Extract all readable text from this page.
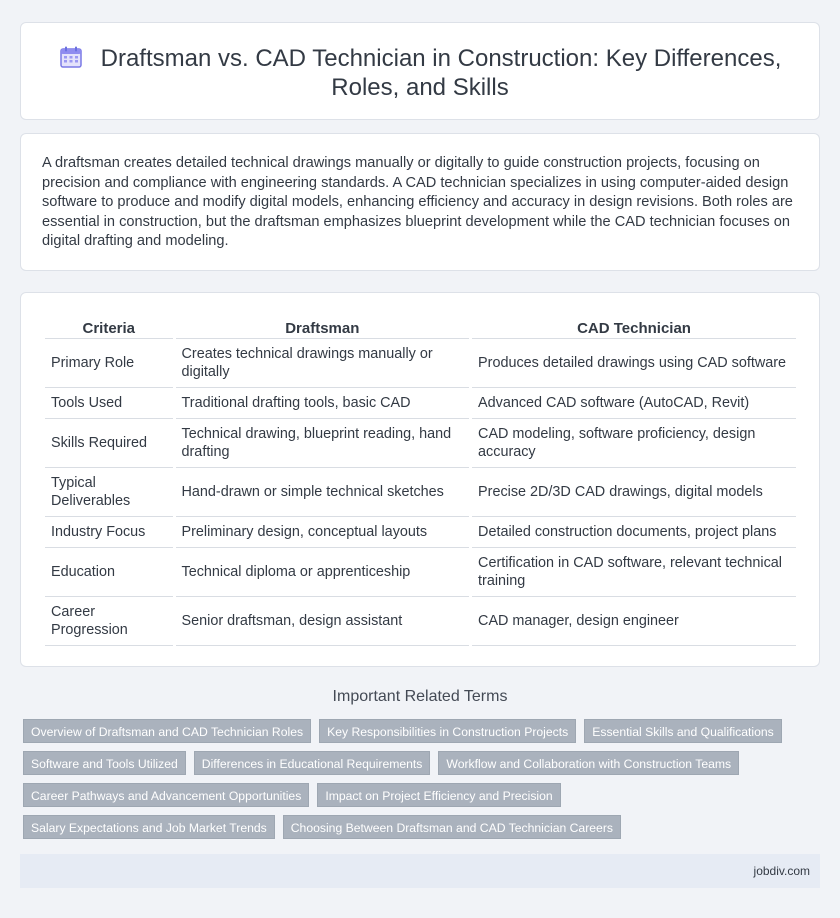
Draftsman vs. CAD Technician in Construction: Key Differences, Roles, and Skills

A draftsman creates detailed technical drawings manually or digitally to guide construction projects, focusing on precision and compliance with engineering standards. A CAD technician specializes in using computer-aided design software to produce and modify digital models, enhancing efficiency and accuracy in design revisions. Both roles are essential in construction, but the draftsman emphasizes blueprint development while the CAD technician focuses on digital drafting and modeling.

Criteria	Draftsman	CAD Technician
Primary Role	Creates technical drawings manually or digitally	Produces detailed drawings using CAD software
Tools Used	Traditional drafting tools, basic CAD	Advanced CAD software (AutoCAD, Revit)
Skills Required	Technical drawing, blueprint reading, hand drafting	CAD modeling, software proficiency, design accuracy
Typical Deliverables	Hand-drawn or simple technical sketches	Precise 2D/3D CAD drawings, digital models
Industry Focus	Preliminary design, conceptual layouts	Detailed construction documents, project plans
Education	Technical diploma or apprenticeship	Certification in CAD software, relevant technical training
Career Progression	Senior draftsman, design assistant	CAD manager, design engineer
Important Related Terms
Overview of Draftsman and CAD Technician Roles	Key Responsibilities in Construction Projects	Essential Skills and Qualifications
Software and Tools Utilized	Differences in Educational Requirements	Workflow and Collaboration with Construction Teams
Career Pathways and Advancement Opportunities	Impact on Project Efficiency and Precision
Salary Expectations and Job Market Trends	Choosing Between Draftsman and CAD Technician Careers
jobdiv.com
